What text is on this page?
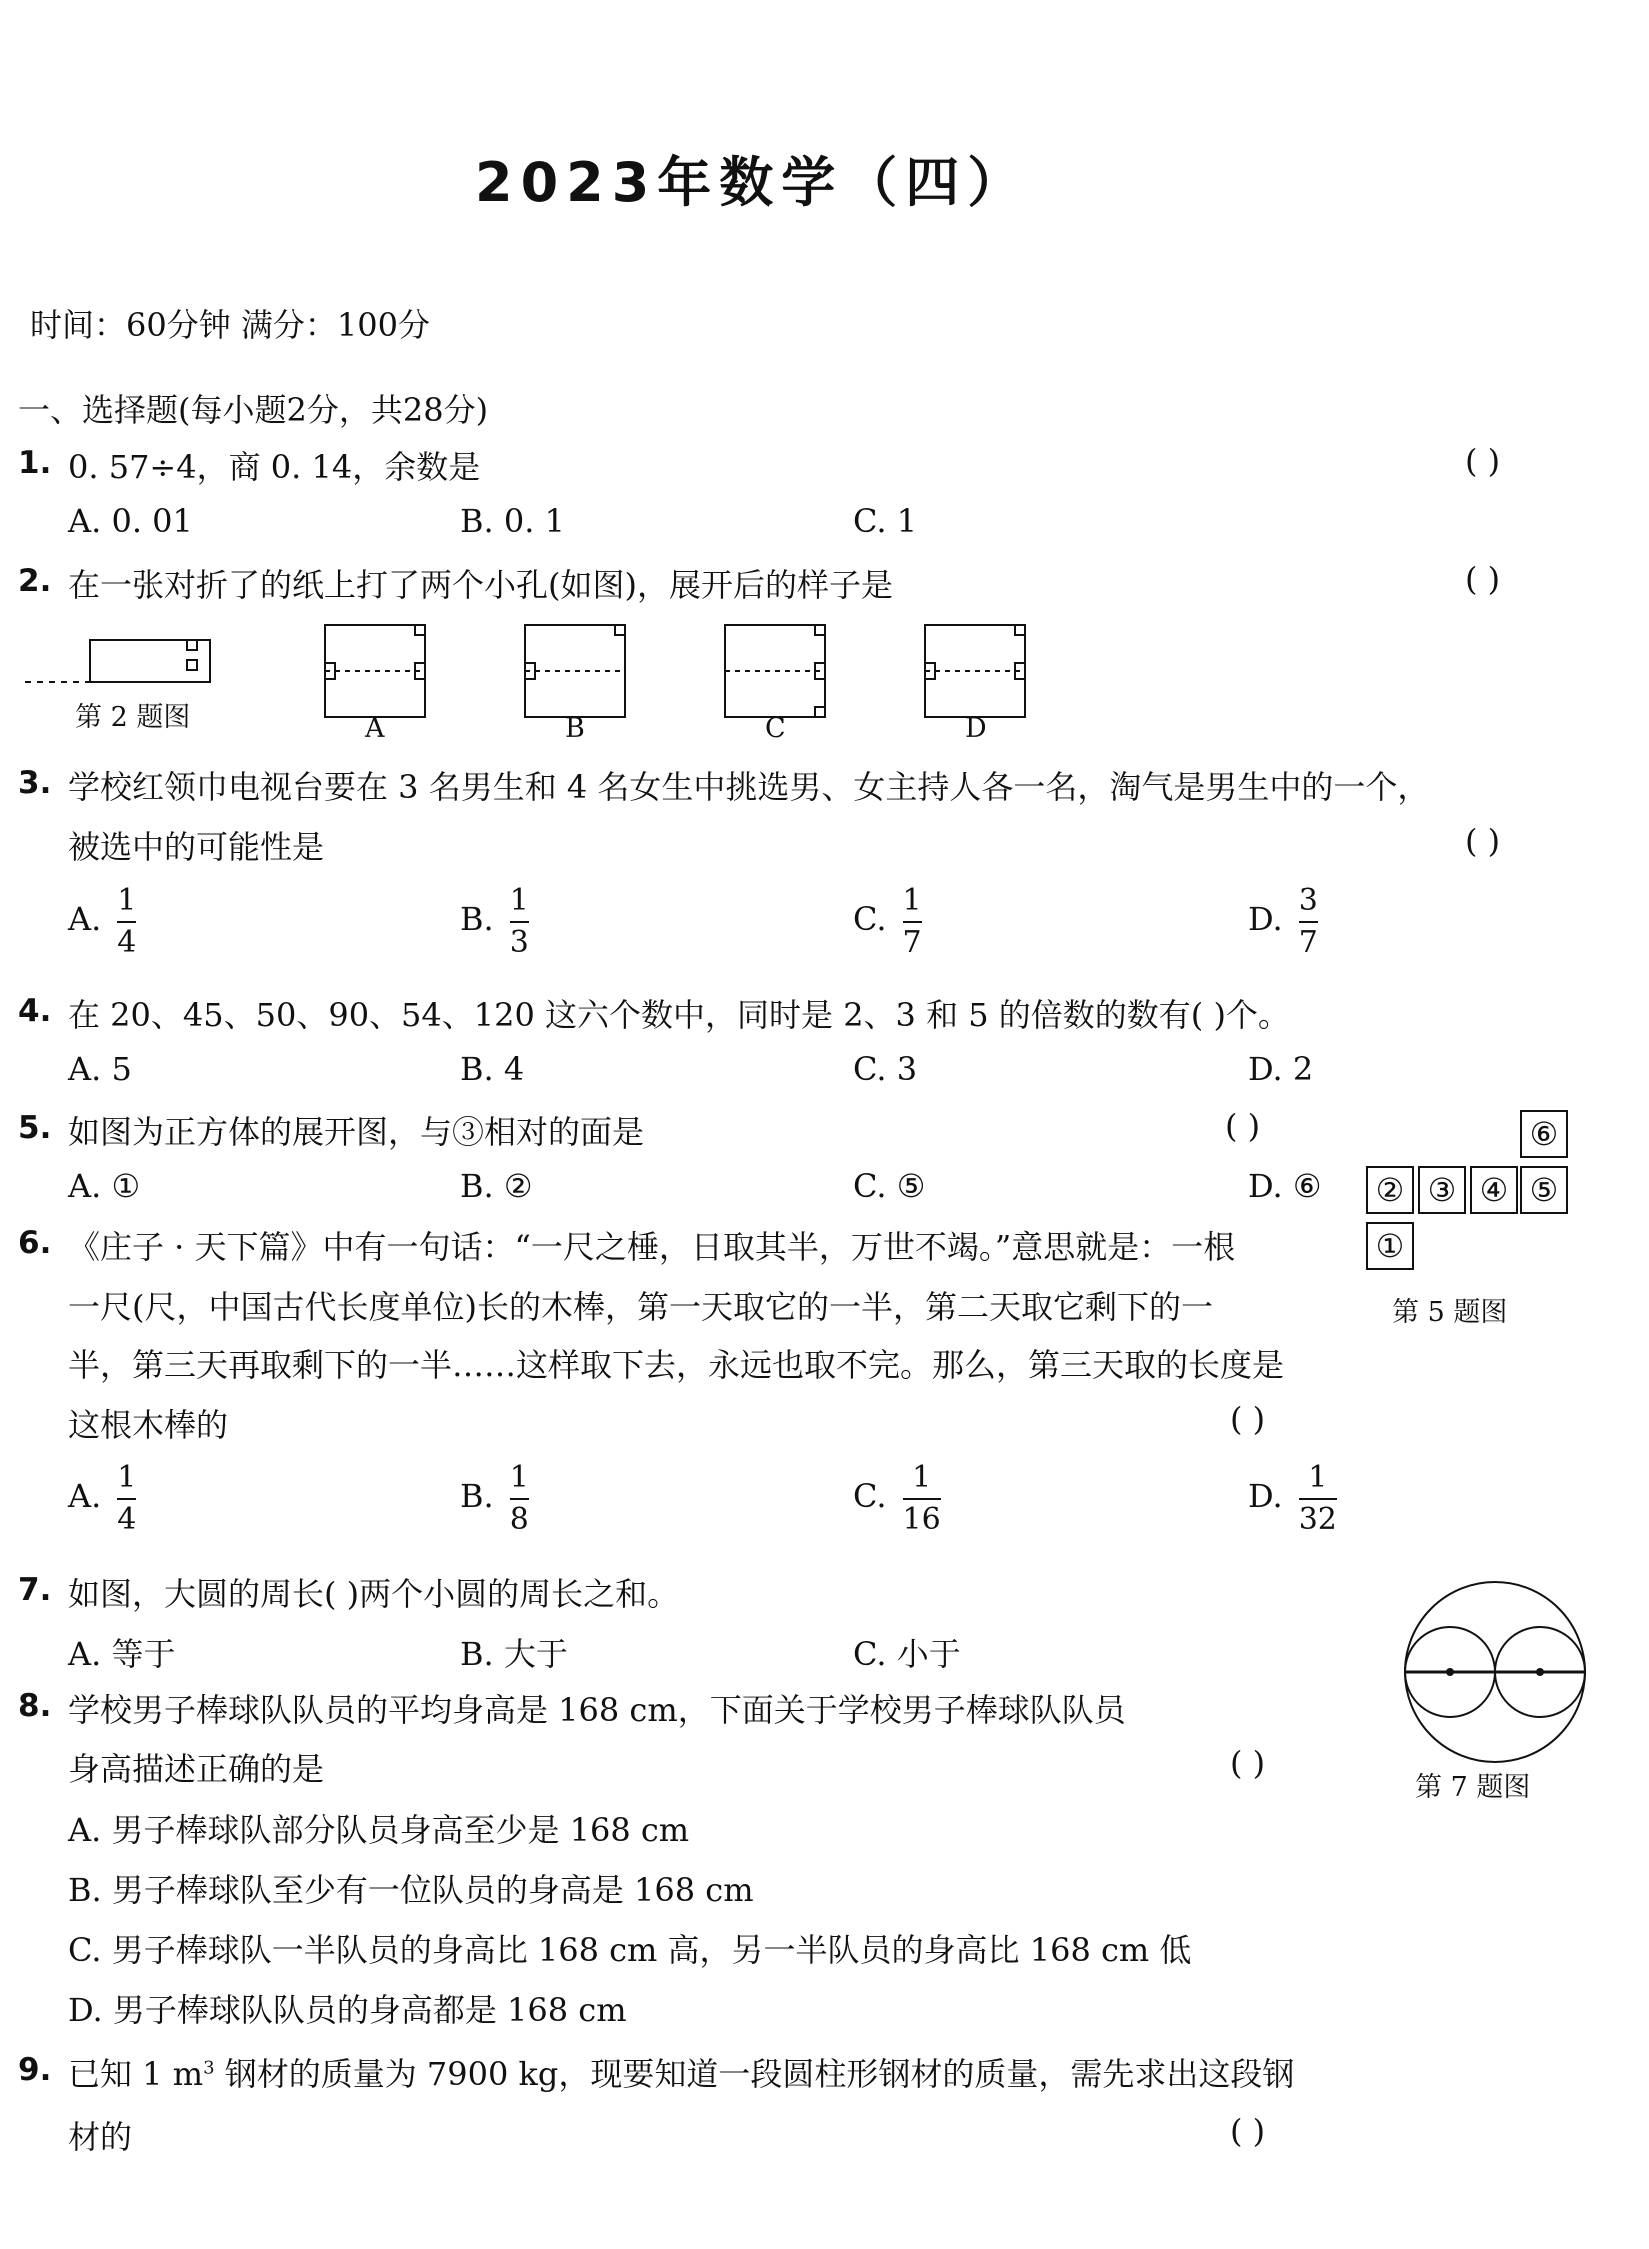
2023年数学（四）
时间：60分钟 满分：100分
一、选择题(每小题2分，共28分)
1. 0. 57÷4，商 0. 14，余数是	( )
A. 0. 01	B. 0. 1	C. 1
2. 在一张对折了的纸上打了两个小孔(如图)，展开后的样子是	( )
第 2 题图	A	B	C	D
3. 学校红领巾电视台要在 3 名男生和 4 名女生中挑选男、女主持人各一名，淘气是男生中的一个，
被选中的可能性是	( )
A. $\frac{1}{4}$	B. $\frac{1}{3}$	C. $\frac{1}{7}$	D. $\frac{3}{7}$
4. 在 20、45、50、90、54、120 这六个数中，同时是 2、3 和 5 的倍数的数有( )个。
A. 5	B. 4	C. 3	D. 2
5. 如图为正方体的展开图，与③相对的面是	( )
A. ①	B. ②	C. ⑤	D. ⑥
⑥
② ③ ④ ⑤
①
第 5 题图
6. 《庄子 · 天下篇》中有一句话：“一尺之棰，日取其半，万世不竭。”意思就是：一根
一尺(尺，中国古代长度单位)长的木棒，第一天取它的一半，第二天取它剩下的一
半，第三天再取剩下的一半……这样取下去，永远也取不完。那么，第三天取的长度是
这根木棒的	( )
A. $\frac{1}{4}$	B. $\frac{1}{8}$	C. $\frac{1}{16}$	D. $\frac{1}{32}$
7. 如图，大圆的周长( )两个小圆的周长之和。
A. 等于	B. 大于	C. 小于
第 7 题图
8. 学校男子棒球队队员的平均身高是 168 cm，下面关于学校男子棒球队队员
身高描述正确的是	( )
A. 男子棒球队部分队员身高至少是 168 cm
B. 男子棒球队至少有一位队员的身高是 168 cm
C. 男子棒球队一半队员的身高比 168 cm 高，另一半队员的身高比 168 cm 低
D. 男子棒球队队员的身高都是 168 cm
9. 已知 1 $m^3$ 钢材的质量为 7900 kg，现要知道一段圆柱形钢材的质量，需先求出这段钢
材的	( )
